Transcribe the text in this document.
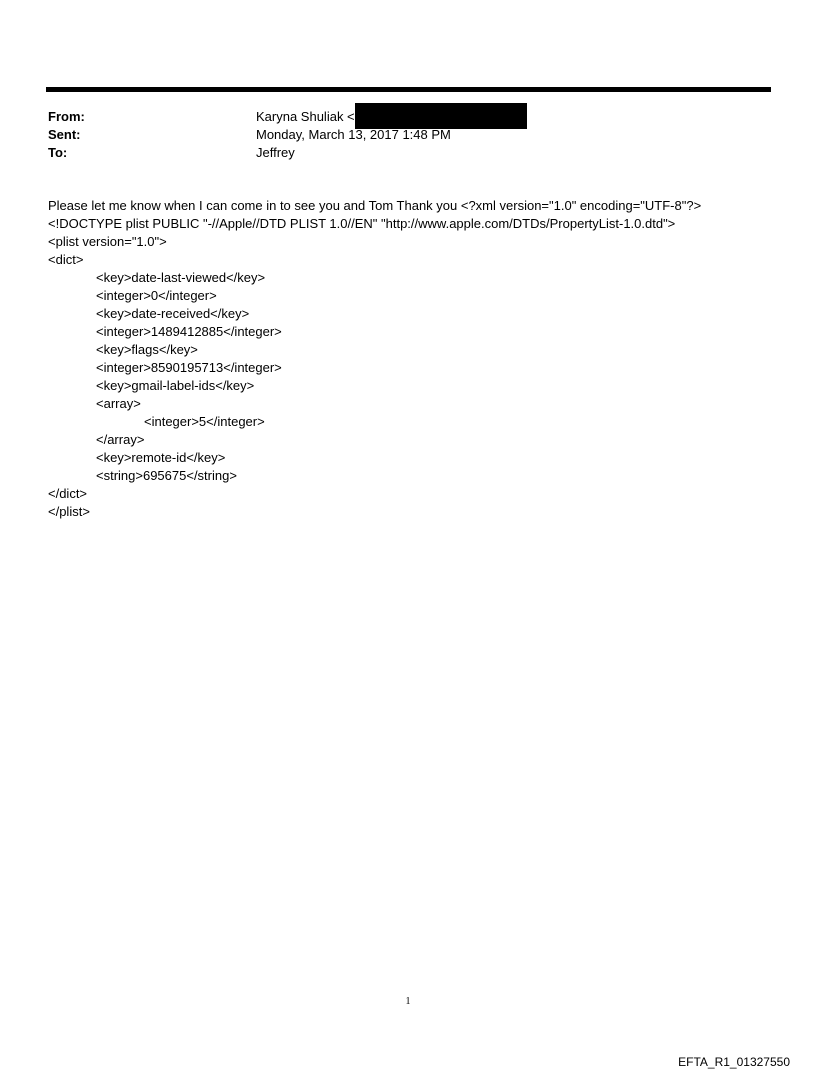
From:	Karyna Shuliak <
Sent:	Monday, March 13, 2017 1:48 PM
To:	Jeffrey
Please let me know when I can come in to see you and Tom Thank you <?xml version="1.0" encoding="UTF-8"?>
<!DOCTYPE plist PUBLIC "-//Apple//DTD PLIST 1.0//EN" "http://www.apple.com/DTDs/PropertyList-1.0.dtd">
<plist version="1.0">
<dict>
<key>date-last-viewed</key>
<integer>0</integer>
<key>date-received</key>
<integer>1489412885</integer>
<key>flags</key>
<integer>8590195713</integer>
<key>gmail-label-ids</key>
<array>
<integer>5</integer>
</array>
<key>remote-id</key>
<string>695675</string>
</dict>
</plist>
1
EFTA_R1_01327550
